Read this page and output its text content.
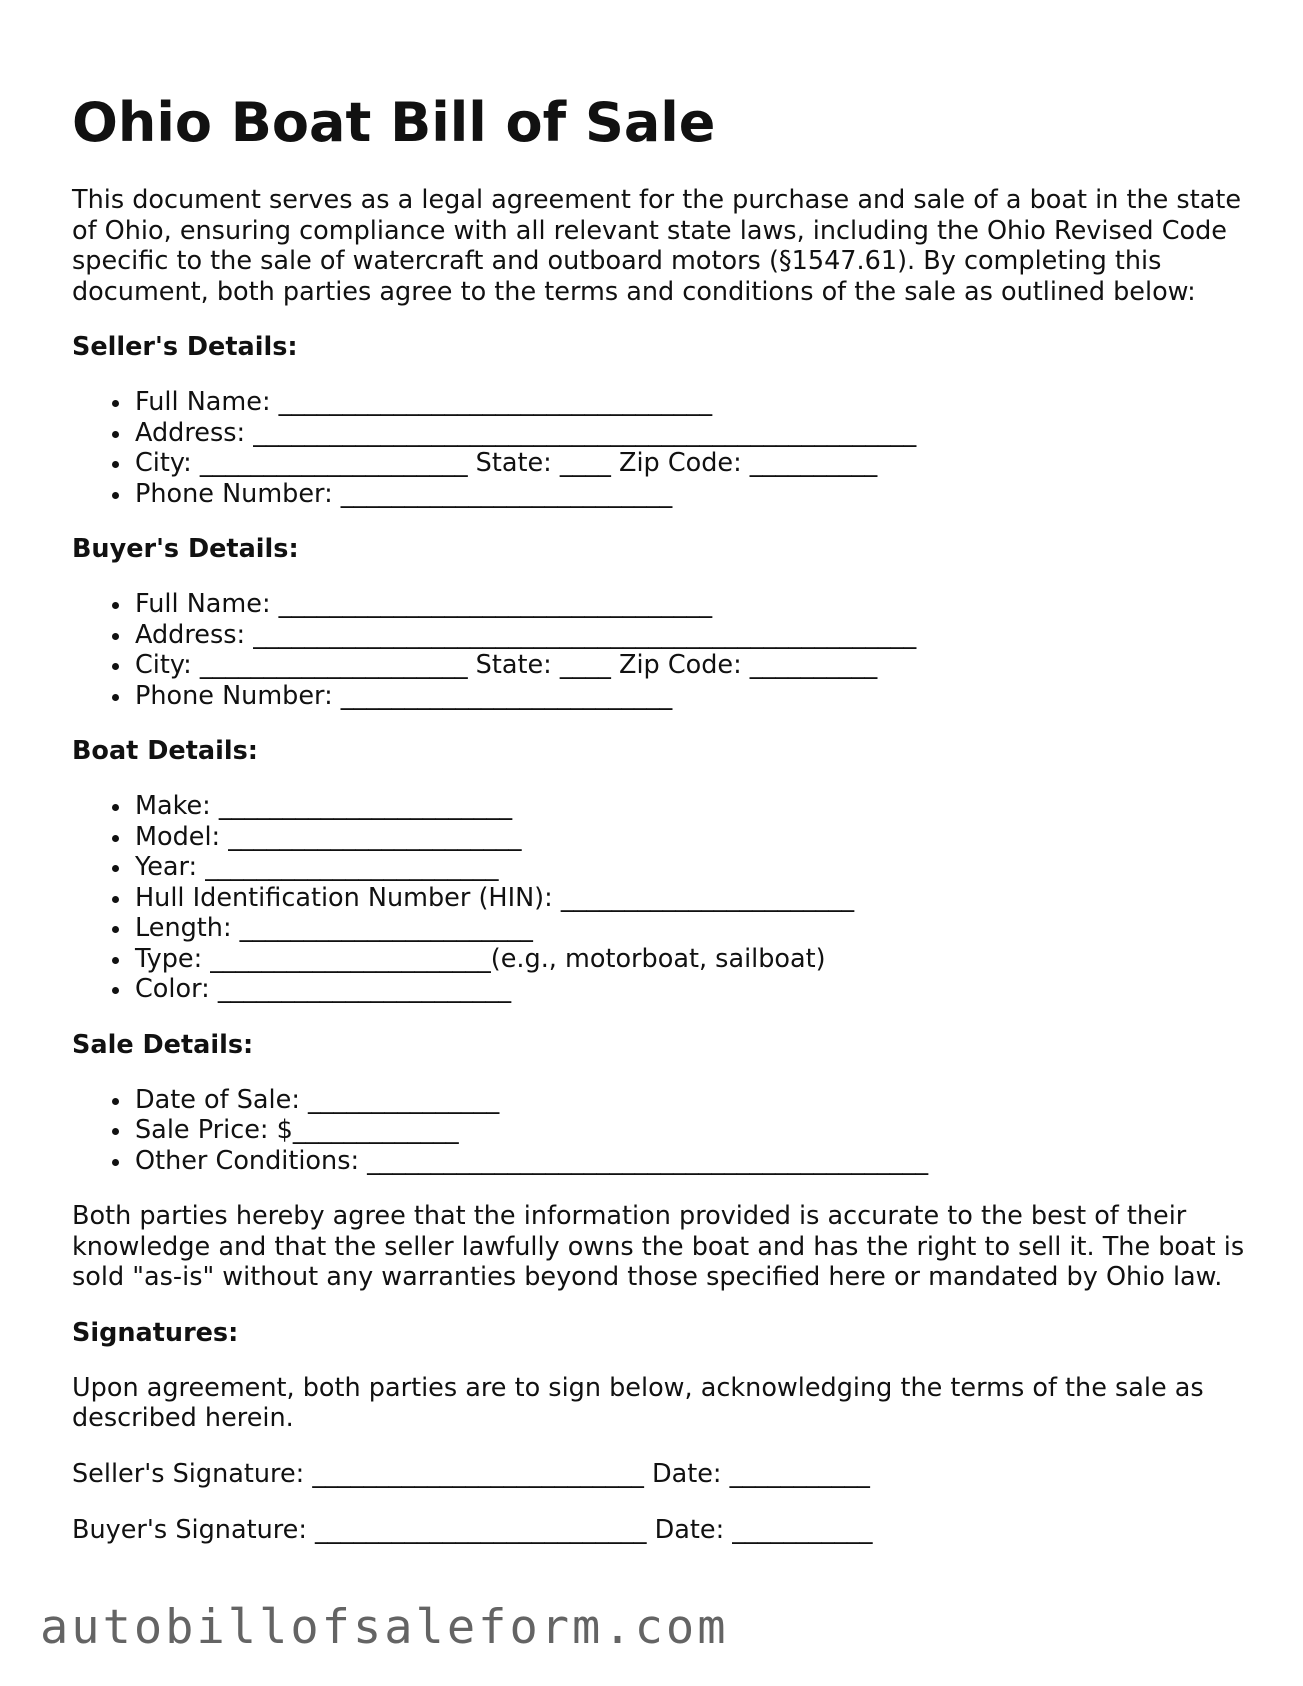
Ohio Boat Bill of Sale

This document serves as a legal agreement for the purchase and sale of a boat in the state of Ohio, ensuring compliance with all relevant state laws, including the Ohio Revised Code specific to the sale of watercraft and outboard motors (§1547.61). By completing this document, both parties agree to the terms and conditions of the sale as outlined below:

Seller's Details:
Full Name: __________________________________
Address: ____________________________________________________
City: _____________________ State: ____ Zip Code: __________
Phone Number: __________________________
Buyer's Details:
Full Name: __________________________________
Address: ____________________________________________________
City: _____________________ State: ____ Zip Code: __________
Phone Number: __________________________
Boat Details:
Make: _______________________
Model: _______________________
Year: _______________________
Hull Identification Number (HIN): _______________________
Length: _______________________
Type: ______________________(e.g., motorboat, sailboat)
Color: _______________________
Sale Details:
Date of Sale: _______________
Sale Price: $_____________
Other Conditions: ____________________________________________

Both parties hereby agree that the information provided is accurate to the best of their knowledge and that the seller lawfully owns the boat and has the right to sell it. The boat is sold "as-is" without any warranties beyond those specified here or mandated by Ohio law.

Signatures:

Upon agreement, both parties are to sign below, acknowledging the terms of the sale as described herein.

Seller's Signature: __________________________ Date: ___________
Buyer's Signature: __________________________ Date: ___________
autobillofsaleform.com
